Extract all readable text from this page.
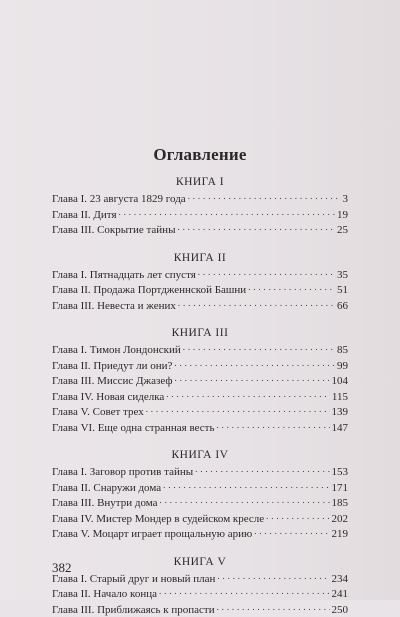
Оглавление
КНИГА I
Глава I. 23 августа 1829 года . . .	3
Глава II. Дитя . . .	19
Глава III. Сокрытие тайны . . .	25
КНИГА II
Глава I. Пятнадцать лет спустя . . .	35
Глава II. Продажа Портдженнской Башни . . .	51
Глава III. Невеста и жених . . .	66
КНИГА III
Глава I. Тимон Лондонский . . .	85
Глава II. Приедут ли они? . . .	99
Глава III. Миссис Джазеф . . .	104
Глава IV. Новая сиделка . . .	115
Глава V. Совет трех . . .	139
Глава VI. Еще одна странная весть . . .	147
КНИГА IV
Глава I. Заговор против тайны . . .	153
Глава II. Снаружи дома . . .	171
Глава III. Внутри дома . . .	185
Глава IV. Мистер Мондер в судейском кресле . . .	202
Глава V. Моцарт играет прощальную арию . . .	219
КНИГА V
Глава I. Старый друг и новый план . . .	234
Глава II. Начало конца . . .	241
Глава III. Приближаясь к пропасти . . .	250
382
